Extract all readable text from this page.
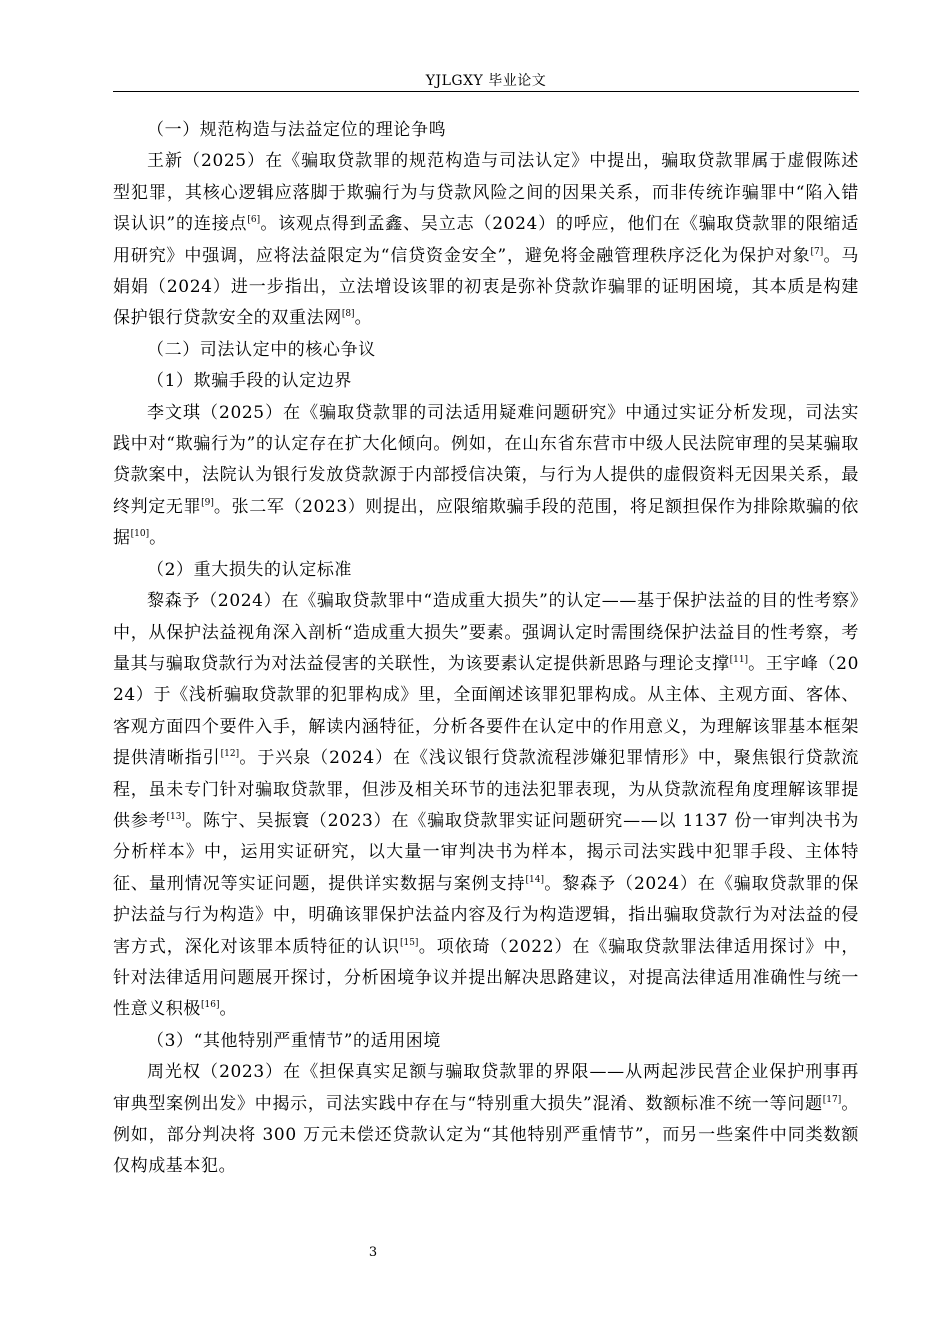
YJLGXY 毕业论文

（一）规范构造与法益定位的理论争鸣

王新（2025）在《骗取贷款罪的规范构造与司法认定》中提出，骗取贷款罪属于虚假陈述型犯罪，其核心逻辑应落脚于欺骗行为与贷款风险之间的因果关系，而非传统诈骗罪中“陷入错误认识”的连接点[6]。该观点得到孟鑫、吴立志（2024）的呼应，他们在《骗取贷款罪的限缩适用研究》中强调，应将法益限定为“信贷资金安全”，避免将金融管理秩序泛化为保护对象[7]。马娟娟（2024）进一步指出，立法增设该罪的初衷是弥补贷款诈骗罪的证明困境，其本质是构建保护银行贷款安全的双重法网[8]。

（二）司法认定中的核心争议

（1）欺骗手段的认定边界

李文琪（2025）在《骗取贷款罪的司法适用疑难问题研究》中通过实证分析发现，司法实践中对“欺骗行为”的认定存在扩大化倾向。例如，在山东省东营市中级人民法院审理的吴某骗取贷款案中，法院认为银行发放贷款源于内部授信决策，与行为人提供的虚假资料无因果关系，最终判定无罪[9]。张二军（2023）则提出，应限缩欺骗手段的范围，将足额担保作为排除欺骗的依据[10]。

（2）重大损失的认定标准

黎森予（2024）在《骗取贷款罪中“造成重大损失”的认定——基于保护法益的目的性考察》中，从保护法益视角深入剖析“造成重大损失”要素。强调认定时需围绕保护法益目的性考察，考量其与骗取贷款行为对法益侵害的关联性，为该要素认定提供新思路与理论支撑[11]。王宇峰（2024）于《浅析骗取贷款罪的犯罪构成》里，全面阐述该罪犯罪构成。从主体、主观方面、客体、客观方面四个要件入手，解读内涵特征，分析各要件在认定中的作用意义，为理解该罪基本框架提供清晰指引[12]。于兴泉（2024）在《浅议银行贷款流程涉嫌犯罪情形》中，聚焦银行贷款流程，虽未专门针对骗取贷款罪，但涉及相关环节的违法犯罪表现，为从贷款流程角度理解该罪提供参考[13]。陈宁、吴振寰（2023）在《骗取贷款罪实证问题研究——以 1137 份一审判决书为分析样本》中，运用实证研究，以大量一审判决书为样本，揭示司法实践中犯罪手段、主体特征、量刑情况等实证问题，提供详实数据与案例支持[14]。黎森予（2024）在《骗取贷款罪的保护法益与行为构造》中，明确该罪保护法益内容及行为构造逻辑，指出骗取贷款行为对法益的侵害方式，深化对该罪本质特征的认识[15]。项依琦（2022）在《骗取贷款罪法律适用探讨》中，针对法律适用问题展开探讨，分析困境争议并提出解决思路建议，对提高法律适用准确性与统一性意义积极[16]。

（3）“其他特别严重情节”的适用困境

周光权（2023）在《担保真实足额与骗取贷款罪的界限——从两起涉民营企业保护刑事再审典型案例出发》中揭示，司法实践中存在与“特别重大损失”混淆、数额标准不统一等问题[17]。例如，部分判决将 300 万元未偿还贷款认定为“其他特别严重情节”，而另一些案件中同类数额仅构成基本犯。

3
